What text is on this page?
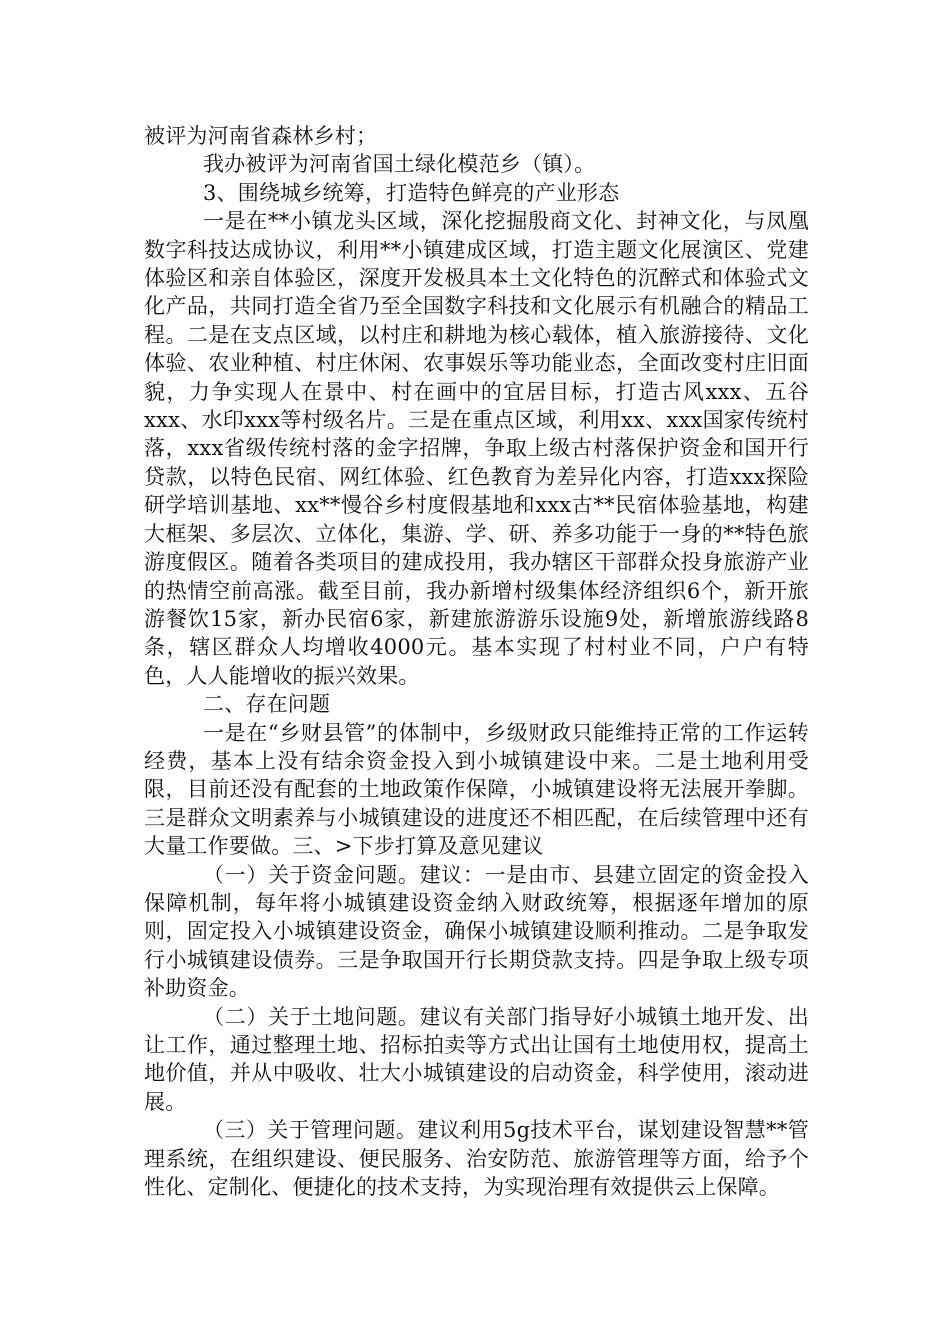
被评为河南省森林乡村；

我办被评为河南省国土绿化模范乡（镇）。

3、围绕城乡统筹，打造特色鲜亮的产业形态

一是在**小镇龙头区域，深化挖掘殷商文化、封神文化，与凤凰数字科技达成协议，利用**小镇建成区域，打造主题文化展演区、党建体验区和亲自体验区，深度开发极具本土文化特色的沉醉式和体验式文化产品，共同打造全省乃至全国数字科技和文化展示有机融合的精品工程。二是在支点区域，以村庄和耕地为核心载体，植入旅游接待、文化体验、农业种植、村庄休闲、农事娱乐等功能业态，全面改变村庄旧面貌，力争实现人在景中、村在画中的宜居目标，打造古风xxx、五谷xxx、水印xxx等村级名片。三是在重点区域，利用xx、xxx国家传统村落，xxx省级传统村落的金字招牌，争取上级古村落保护资金和国开行贷款，以特色民宿、网红体验、红色教育为差异化内容，打造xxx探险研学培训基地、xx**慢谷乡村度假基地和xxx古**民宿体验基地，构建大框架、多层次、立体化，集游、学、研、养多功能于一身的**特色旅游度假区。随着各类项目的建成投用，我办辖区干部群众投身旅游产业的热情空前高涨。截至目前，我办新增村级集体经济组织6个，新开旅游餐饮15家，新办民宿6家，新建旅游游乐设施9处，新增旅游线路8条，辖区群众人均增收4000元。基本实现了村村业不同，户户有特色，人人能增收的振兴效果。

二、存在问题

一是在“乡财县管”的体制中，乡级财政只能维持正常的工作运转经费，基本上没有结余资金投入到小城镇建设中来。二是土地利用受限，目前还没有配套的土地政策作保障，小城镇建设将无法展开拳脚。三是群众文明素养与小城镇建设的进度还不相匹配，在后续管理中还有大量工作要做。三、>下步打算及意见建议

（一）关于资金问题。建议：一是由市、县建立固定的资金投入保障机制，每年将小城镇建设资金纳入财政统筹，根据逐年增加的原则，固定投入小城镇建设资金，确保小城镇建设顺利推动。二是争取发行小城镇建设债券。三是争取国开行长期贷款支持。四是争取上级专项补助资金。

（二）关于土地问题。建议有关部门指导好小城镇土地开发、出让工作，通过整理土地、招标拍卖等方式出让国有土地使用权，提高土地价值，并从中吸收、壮大小城镇建设的启动资金，科学使用，滚动进展。

（三）关于管理问题。建议利用5g技术平台，谋划建设智慧**管理系统，在组织建设、便民服务、治安防范、旅游管理等方面，给予个性化、定制化、便捷化的技术支持，为实现治理有效提供云上保障。
